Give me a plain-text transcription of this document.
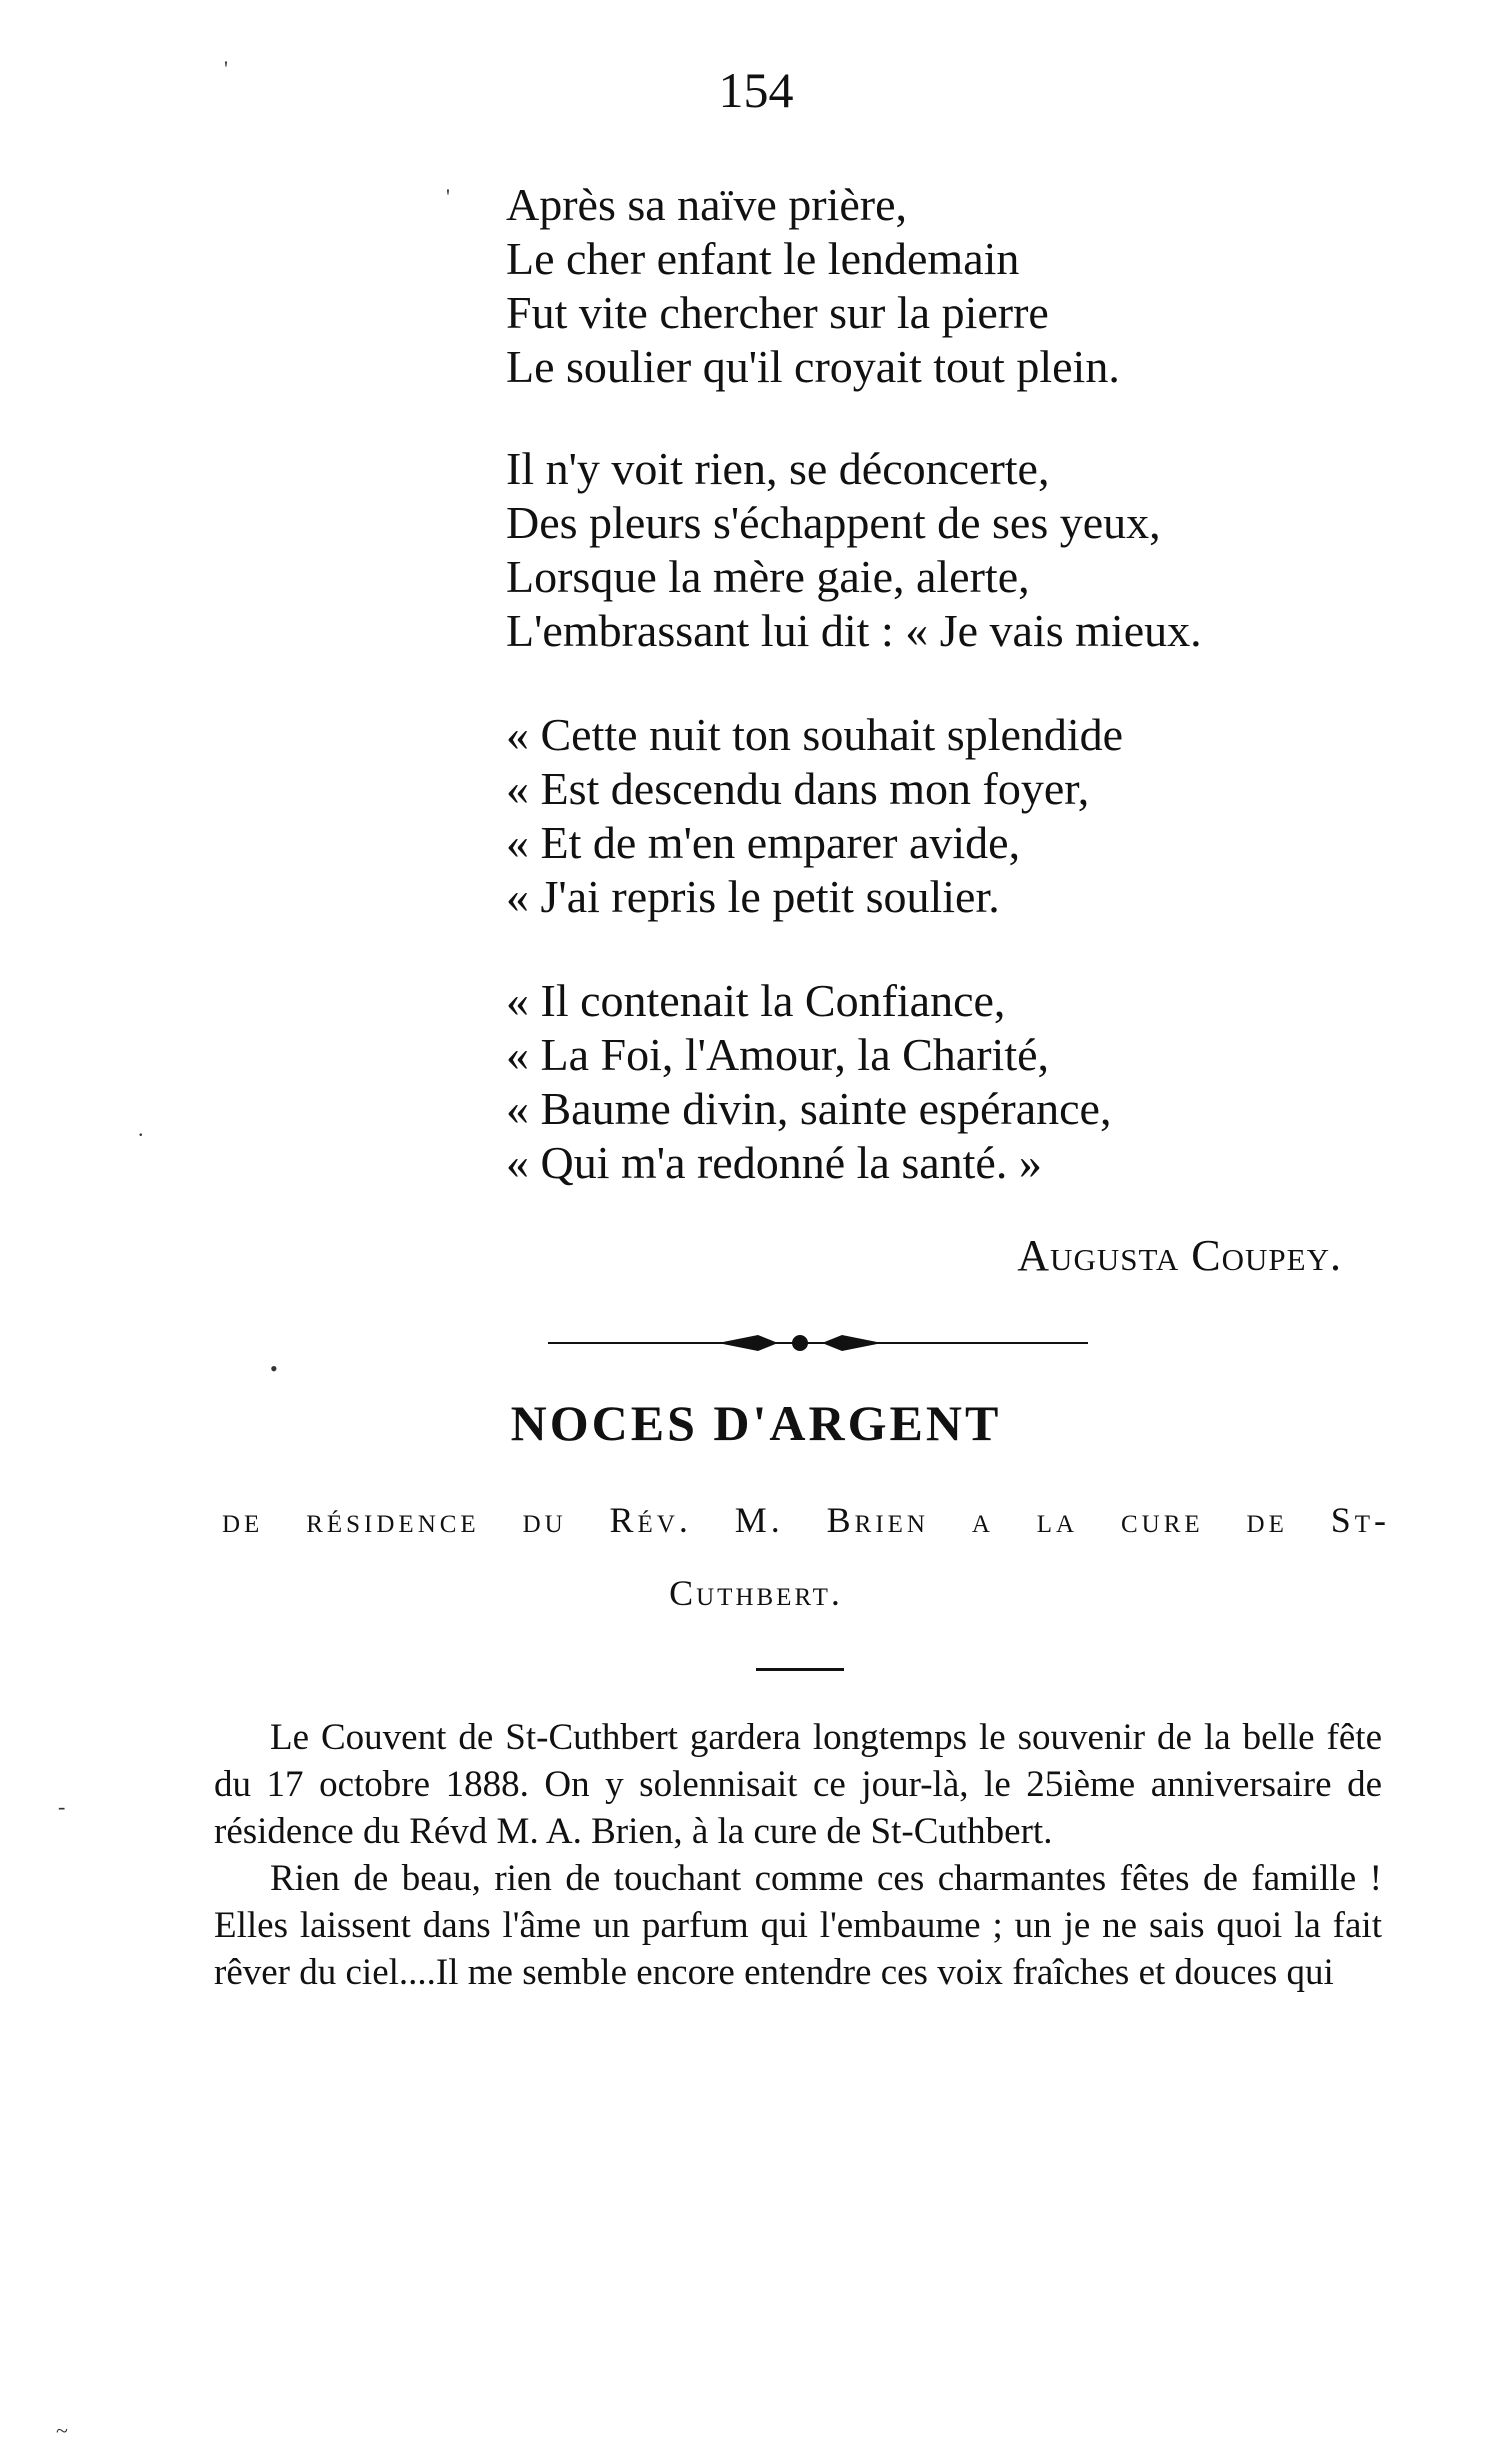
154
Après sa naïve prière,
Le cher enfant le lendemain
Fut vite chercher sur la pierre
Le soulier qu'il croyait tout plein.
Il n'y voit rien, se déconcerte,
Des pleurs s'échappent de ses yeux,
Lorsque la mère gaie, alerte,
L'embrassant lui dit : « Je vais mieux.
« Cette nuit ton souhait splendide
« Est descendu dans mon foyer,
« Et de m'en emparer avide,
« J'ai repris le petit soulier.
« Il contenait la Confiance,
« La Foi, l'Amour, la Charité,
« Baume divin, sainte espérance,
« Qui m'a redonné la santé. »
Augusta Coupey.
NOCES D'ARGENT
de résidence du Rév. M. Brien a la cure de St-
Cuthbert.

Le Couvent de St-Cuthbert gardera longtemps le souvenir de la belle fête du 17 octobre 1888. On y solennisait ce jour-là, le 25ième anniversaire de résidence du Révd M. A. Brien, à la cure de St-Cuthbert.

Rien de beau, rien de touchant comme ces charmantes fêtes de famille ! Elles laissent dans l'âme un parfum qui l'embaume ; un je ne sais quoi la fait rêver du ciel....Il me semble encore entendre ces voix fraîches et douces qui

'
'
.
•
-
~
